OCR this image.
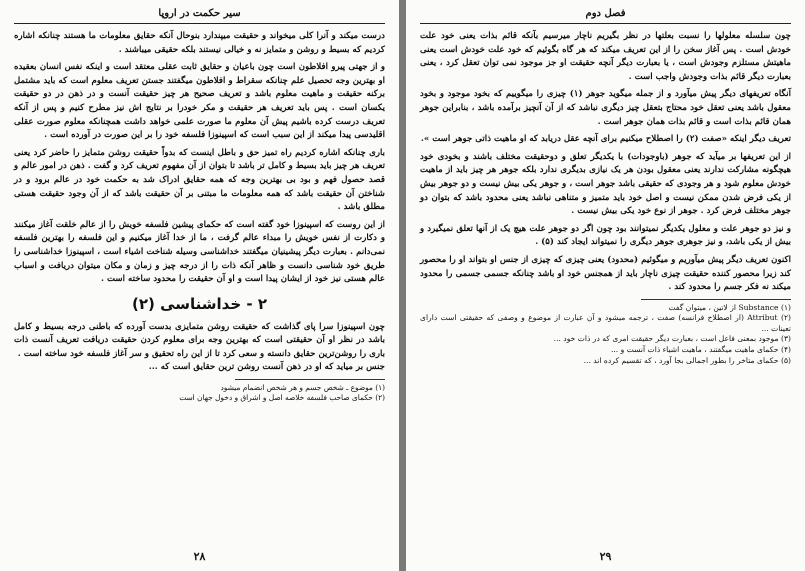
سیر حکمت در اروپا

درست میکند و آنرا کلی میخواند و حقیقت میپندارد بنوحال آنکه حقایق معلومات ما هستند چنانکه اشاره کردیم که بسیط و روشن و متمایز نه و خیالی نیستند بلکه حقیقی میباشند .

و از جهتی پیرو افلاطون است چون باعیان و حقایق ثابت عقلی معتقد است و اینکه نفس انسان بعقیده او بهترین وجه تحصیل علم چنانکه سقراط و افلاطون میگفتند جستن تعریف معلوم است که باید مشتمل برکنه حقیقت و ماهیت معلوم باشد و تعریف صحیح هر چیز حقیقت آنست و در ذهن در دو حقیقت یکسان است . پس باید تعریف هر حقیقت و مکر خودرا بر نتایج اش نیز مطرح کنیم و پس از آنکه تعریف درست کرده باشیم پیش آن معلوم ما صورت علمی خواهد داشت همچنانکه معلوم صورت عقلی اقلیدسی پیدا میکند از این سبب است که اسپینوزا فلسفه خود را بر این صورت در آورده است .

باری چنانکه اشاره کردیم راه تمیز حق و باطل اینست که بدواً حقیقت روشن متمایز را حاضر کرد یعنی تعریف هر چیز باید بسیط و کامل تر باشد تا بتوان از آن مفهوم تعریف کرد و گفت . ذهن در امور عالم و قصد حصول فهم و بود بی بهترین وجه که همه حقایق ادراک شد به حکمت خود در عالم برود و در شناختن آن حقیقت باشد که همه معلومات ما مبتنی بر آن حقیقت باشد که از آن وجود حقیقت هستی مطلق باشد .

از این روست که اسپینوزا خود گفته است که حکمای پیشین فلسفه خویش را از عالم خلقت آغاز میکنند و دکارت از نفس خویش را مبداء عالم گرفت ، ما از خدا آغاز میکنیم و این فلسفه را بهترین فلسفه نمی‌دانم . بعبارت دیگر پیشینیان میگفتند خداشناسی وسیله شناخت اشیاء است ، اسپینوزا خداشناسی را طریق خود شناسی دانست و ظاهر آنکه ذات را از درجه چیز و زمان و مکان میتوان دریافت و اسباب عالم هستی نیز خود از ایشان پیدا است و او آن حقیقت را محدود ساخته است .

۲ - خداشناسی (۲)

چون اسپینوزا سرا پای گذاشت که حقیقت روشن متمایزی بدست آورده که باطنی درجه بسیط و کامل باشد در نظر او آن حقیقتی است که بهترین وجه برای معلوم کردن حقیقت دریافت تعریف آنست ذات باری را روشن‌ترین حقایق دانسته و سعی کرد تا از این راه تحقیق و سر آغاز فلسفه خود ساخته است .

جنس بر میاید که او در ذهن آنست روشن ترین حقایق است که ...

(۱) موضوع ـ شخص جسم و هر شخص انضمام میشود

(۲) حکمای صاحب فلسفه خلاصه اصل و اشراق و دخول جهان است

۲۸
فصل دوم

چون سلسله معلولها را نسبت بعلتها در نظر بگیریم ناچار میرسیم بآنکه قائم بذات یعنی خود علت خودش است . پس آغاز سخن را از این تعریف میکند که هر گاه بگوئیم که خود علت خودش است یعنی ماهیتش مستلزم وجودش است ، یا بعبارت دیگر آنچه حقیقت او جز موجود نمی توان تعقل کرد ، یعنی بعبارت دیگر قائم بذات وجودش واجب است .

آنگاه تعریفهای دیگر پیش میآورد و از جمله میگوید جوهر (۱) چیزی را میگوییم که بخود موجود و بخود معقول باشد یعنی تعقل خود محتاج بتعقل چیز دیگری نباشد که از آن آنچیز برآمده باشد ، بنابراین جوهر همان قائم بذات است و قائم بذات همان جوهر است .

تعریف دیگر اینکه «صفت (۲) را اصطلاح میکنیم برای آنچه عقل دریابد که او ماهیت ذاتی جوهر است ».

از این تعریفها بر میآید که جوهر (باوجودات) با یکدیگر تعلق و دوحقیقت مختلف باشند و بخودی خود هیچگونه مشارکت ندارند یعنی معقول بودن هر یک نیازی بدیگری ندارد بلکه جوهر هر چیز باید از ماهیت خودش معلوم شود و هر وجودی که حقیقی باشد جوهر است ، و جوهر یکی بیش نیست و دو جوهر بیش از یکی فرض شدن ممکن نیست و اصل خود باید متمیز و متناهی نباشد یعنی محدود باشد که بتوان دو جوهر مختلف فرض کرد . جوهر از نوع خود یکی بیش نیست .

و نیز دو جوهر علت و معلول یکدیگر نمیتوانند بود چون اگر دو جوهر علت هیچ یک از آنها تعلق نمیگیرد و بیش از یکی باشد، و نیز جوهری جوهر دیگری را نمیتواند ایجاد کند (۵) .

اکنون تعریف دیگر پیش میآوریم و میگوئیم (محدود) یعنی چیزی که چیزی از جنس او بتواند او را محصور کند زیرا محصور کننده حقیقت چیزی ناچار باید از همجنس خود او باشد چنانکه جسمی جسمی را محدود میکند نه فکر جسم را محدود کند .

(۱) Substance از لاتین ، میتوان گفت

(۲) Attribut (ار اصطلاح فرانسه) صفت ، ترجمه میشود و آن عبارت از موضوع و وصفی که حقیقتی است دارای تعینات ...

(۳) موجود بمعنی فاعل است ، بعبارت دیگر حقیقت امری که در ذات خود ...

(۴) حکمای ماهیت میگفتند ، ماهیت اشیاء ذات آنست و ...

(۵) حکمای متاخر را بطور اجمالی بجا آورد ، که تقسیم کرده اند ...

۲۹
